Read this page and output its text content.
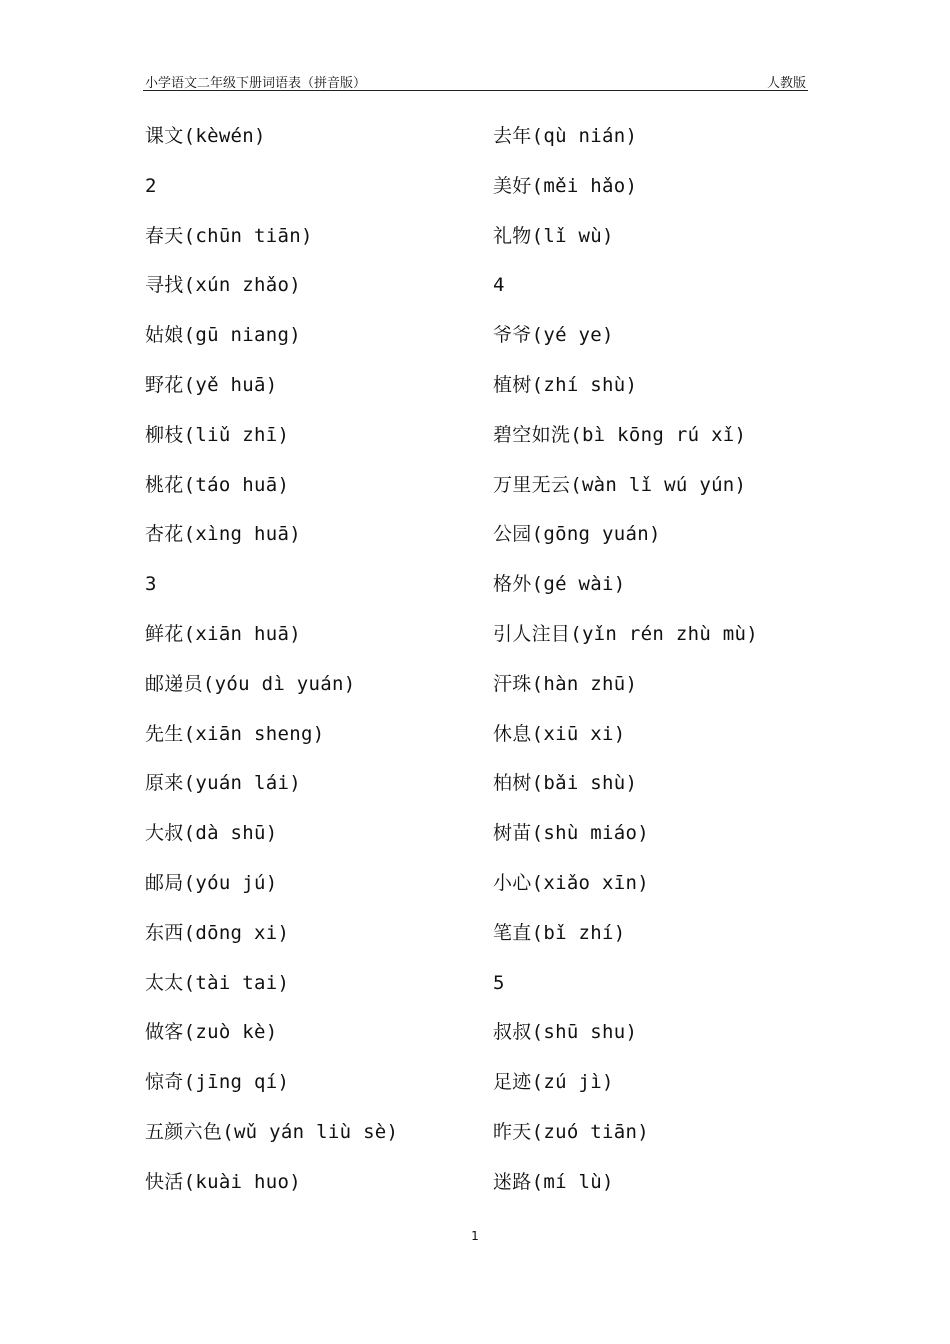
小学语文二年级下册词语表（拼音版）	人教版
课文(kèwén)
2
春天(chūn tiān)
寻找(xún zhǎo)
姑娘(gū niang)
野花(yě huā)
柳枝(liǔ zhī)
桃花(táo huā)
杏花(xìng huā)
3
鲜花(xiān huā)
邮递员(yóu dì yuán)
先生(xiān sheng)
原来(yuán lái)
大叔(dà shū)
邮局(yóu jú)
东西(dōng xi)
太太(tài tai)
做客(zuò kè)
惊奇(jīng qí)
五颜六色(wǔ yán liù sè)
快活(kuài huo)
去年(qù nián)
美好(měi hǎo)
礼物(lǐ wù)
4
爷爷(yé ye)
植树(zhí shù)
碧空如洗(bì kōng rú xǐ)
万里无云(wàn lǐ wú yún)
公园(gōng yuán)
格外(gé wài)
引人注目(yǐn rén zhù mù)
汗珠(hàn zhū)
休息(xiū xi)
柏树(bǎi shù)
树苗(shù miáo)
小心(xiǎo xīn)
笔直(bǐ zhí)
5
叔叔(shū shu)
足迹(zú jì)
昨天(zuó tiān)
迷路(mí lù)
1
